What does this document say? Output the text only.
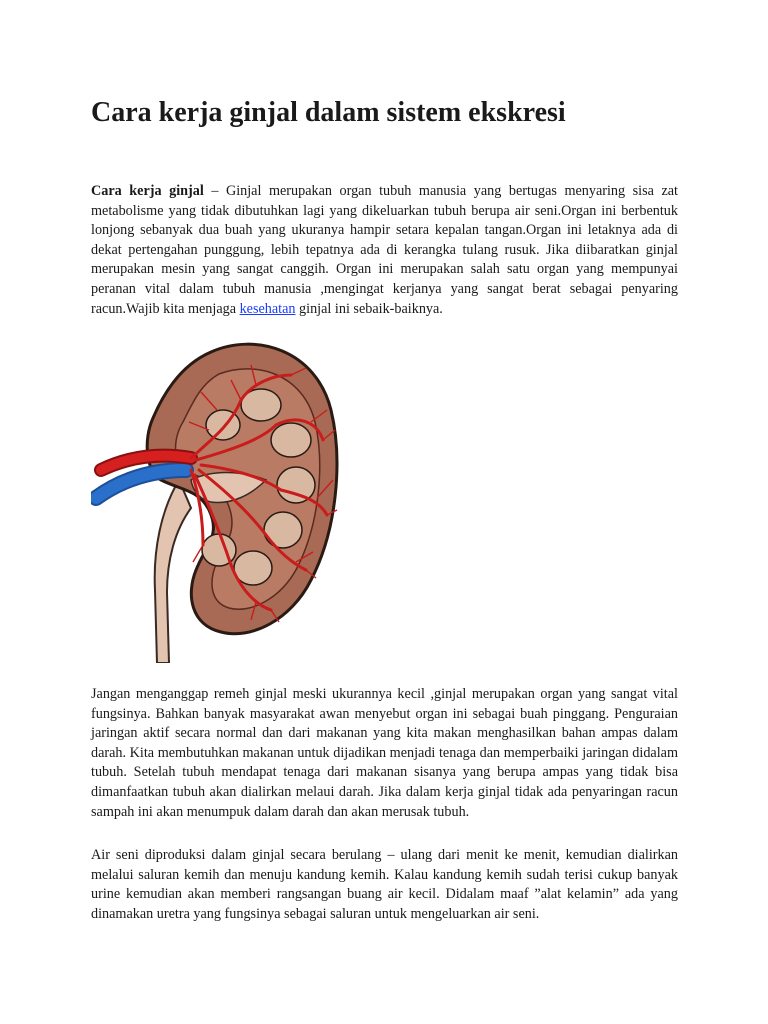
Cara kerja ginjal dalam sistem ekskresi

Cara kerja ginjal – Ginjal merupakan organ tubuh manusia yang bertugas menyaring sisa zat metabolisme yang tidak dibutuhkan lagi yang dikeluarkan tubuh berupa air seni.Organ ini berbentuk lonjong sebanyak dua buah yang ukuranya hampir setara kepalan tangan.Organ ini letaknya ada di dekat pertengahan punggung, lebih tepatnya ada di kerangka tulang rusuk. Jika diibaratkan ginjal merupakan mesin yang sangat canggih. Organ ini merupakan salah satu organ yang mempunyai peranan vital dalam tubuh manusia ,mengingat kerjanya yang sangat berat sebagai penyaring racun.Wajib kita menjaga kesehatan ginjal ini sebaik-baiknya.

Jangan menganggap remeh ginjal meski ukurannya kecil ,ginjal merupakan organ yang sangat vital fungsinya. Bahkan banyak masyarakat awan menyebut organ ini sebagai buah pinggang. Penguraian jaringan aktif secara normal dan dari makanan yang kita makan menghasilkan bahan ampas dalam darah. Kita membutuhkan makanan untuk dijadikan menjadi tenaga dan memperbaiki jaringan didalam tubuh. Setelah tubuh mendapat tenaga dari makanan sisanya yang berupa ampas yang tidak bisa dimanfaatkan tubuh akan dialirkan melaui darah. Jika dalam kerja ginjal tidak ada penyaringan racun sampah ini akan menumpuk dalam darah dan akan merusak tubuh.

Air seni diproduksi dalam ginjal secara berulang – ulang dari menit ke menit, kemudian dialirkan melalui saluran kemih dan menuju kandung kemih. Kalau kandung kemih sudah terisi cukup banyak urine kemudian akan memberi rangsangan buang air kecil. Didalam maaf ”alat kelamin” ada yang dinamakan uretra yang fungsinya sebagai saluran untuk mengeluarkan air seni.
